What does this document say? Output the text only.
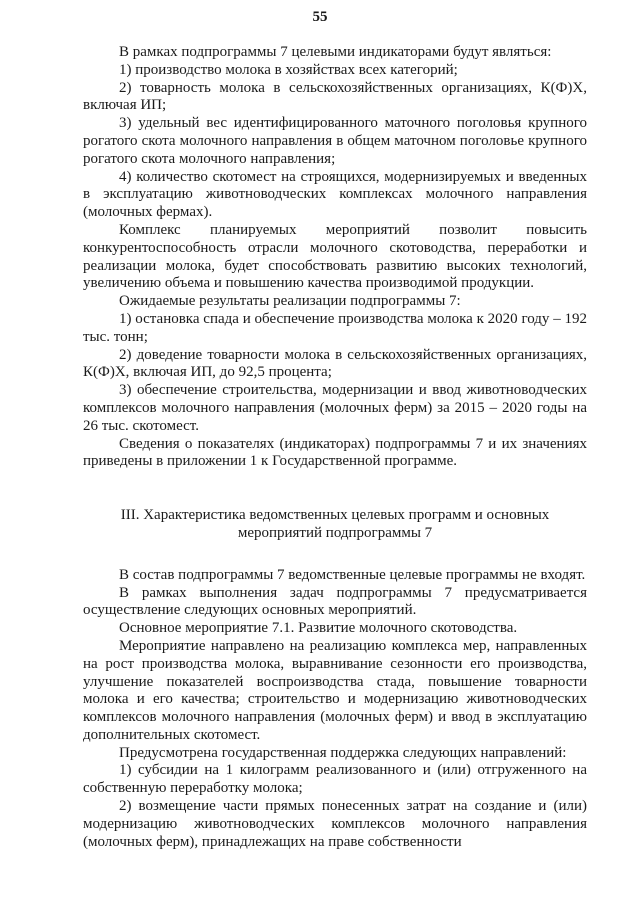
55

В рамках подпрограммы 7 целевыми индикаторами будут являться:

1) производство молока в хозяйствах всех категорий;

2) товарность молока в сельскохозяйственных организациях, К(Ф)Х, включая ИП;

3) удельный вес идентифицированного маточного поголовья крупного рогатого скота молочного направления в общем маточном поголовье крупного рогатого скота молочного направления;

4) количество скотомест на строящихся, модернизируемых и введенных в эксплуатацию животноводческих комплексах молочного направления (молочных фермах).

Комплекс планируемых мероприятий позволит повысить конкурентоспособность отрасли молочного скотоводства, переработки и реализации молока, будет способствовать развитию высоких технологий, увеличению объема и повышению качества производимой продукции.

Ожидаемые результаты реализации подпрограммы 7:

1) остановка спада и обеспечение производства молока к 2020 году – 192 тыс. тонн;

2) доведение товарности молока в сельскохозяйственных организациях, К(Ф)Х, включая ИП, до 92,5 процента;

3) обеспечение строительства, модернизации и ввод животноводческих комплексов молочного направления (молочных ферм) за 2015 – 2020 годы на 26 тыс. скотомест.

Сведения о показателях (индикаторах) подпрограммы 7 и их значениях приведены в приложении 1 к Государственной программе.

III. Характеристика ведомственных целевых программ и основных
мероприятий подпрограммы 7

В состав подпрограммы 7 ведомственные целевые программы не входят.

В рамках выполнения задач подпрограммы 7 предусматривается осуществление следующих основных мероприятий.

Основное мероприятие 7.1. Развитие молочного скотоводства.

Мероприятие направлено на реализацию комплекса мер, направленных на рост производства молока, выравнивание сезонности его производства, улучшение показателей воспроизводства стада, повышение товарности молока и его качества; строительство и модернизацию животноводческих комплексов молочного направления (молочных ферм) и ввод в эксплуатацию дополнительных скотомест.

Предусмотрена государственная поддержка следующих направлений:

1) субсидии на 1 килограмм реализованного и (или) отгруженного на собственную переработку молока;

2) возмещение части прямых понесенных затрат на создание и (или) модернизацию животноводческих комплексов молочного направления (молочных ферм), принадлежащих на праве собственности
